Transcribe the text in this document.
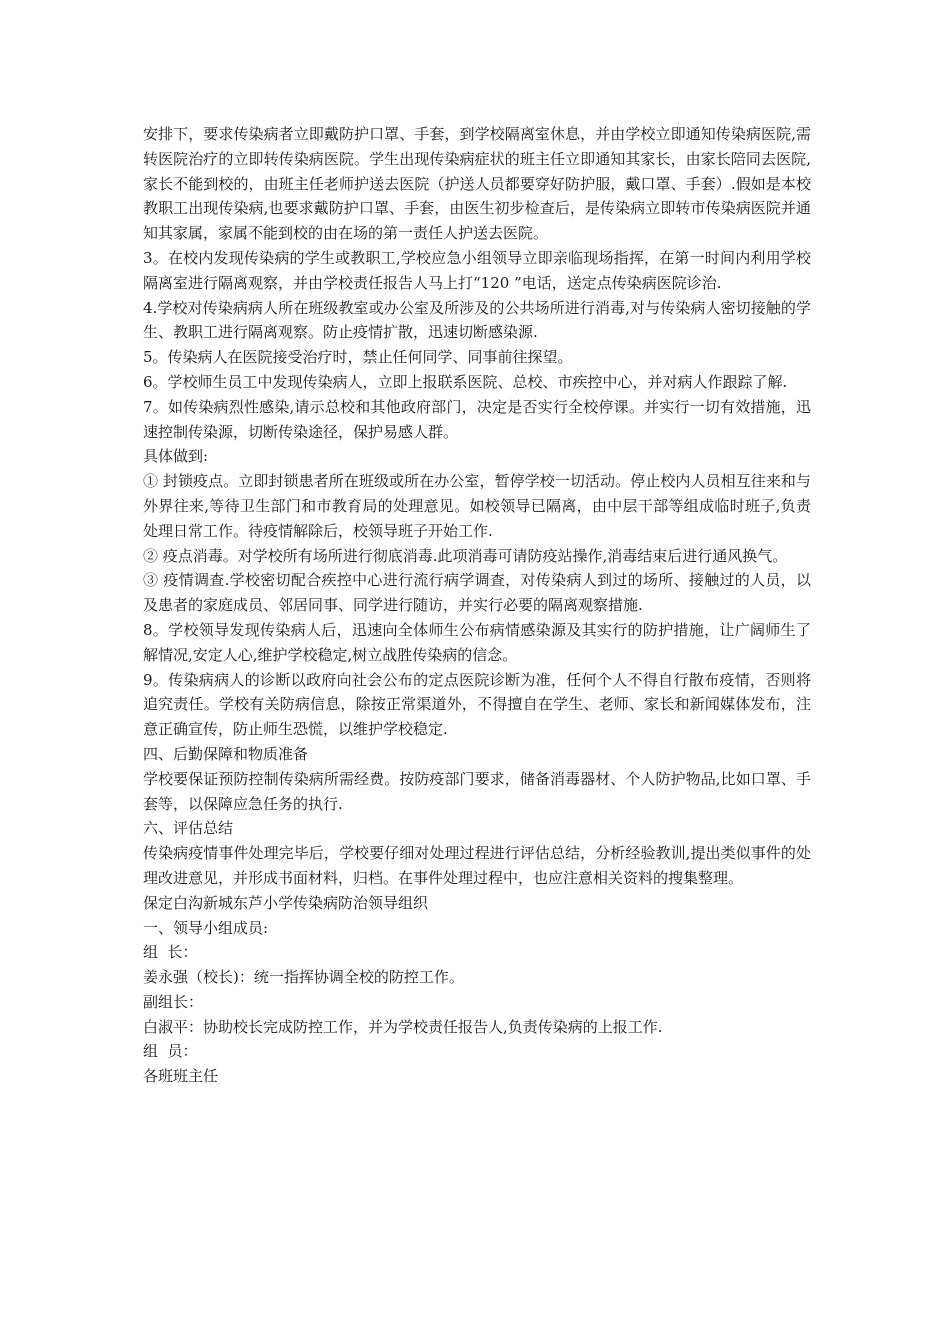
安排下，要求传染病者立即戴防护口罩、手套，到学校隔离室休息，并由学校立即通知传染病医院,需转医院治疗的立即转传染病医院。学生出现传染病症状的班主任立即通知其家长，由家长陪同去医院,家长不能到校的，由班主任老师护送去医院（护送人员都要穿好防护服，戴口罩、手套）.假如是本校教职工出现传染病,也要求戴防护口罩、手套，由医生初步检查后，是传染病立即转市传染病医院并通知其家属，家属不能到校的由在场的第一责任人护送去医院。

3。在校内发现传染病的学生或教职工,学校应急小组领导立即亲临现场指挥，在第一时间内利用学校隔离室进行隔离观察，并由学校责任报告人马上打“120 ”电话，送定点传染病医院诊治.

4.学校对传染病病人所在班级教室或办公室及所涉及的公共场所进行消毒,对与传染病人密切接触的学生、教职工进行隔离观察。防止疫情扩散，迅速切断感染源.

5。传染病人在医院接受治疗时，禁止任何同学、同事前往探望。

6。学校师生员工中发现传染病人，立即上报联系医院、总校、市疾控中心，并对病人作跟踪了解.

7。如传染病烈性感染,请示总校和其他政府部门，决定是否实行全校停课。并实行一切有效措施，迅速控制传染源，切断传染途径，保护易感人群。

具体做到:

① 封锁疫点。立即封锁患者所在班级或所在办公室，暂停学校一切活动。停止校内人员相互往来和与外界往来,等待卫生部门和市教育局的处理意见。如校领导已隔离，由中层干部等组成临时班子,负责处理日常工作。待疫情解除后，校领导班子开始工作.

② 疫点消毒。对学校所有场所进行彻底消毒.此项消毒可请防疫站操作,消毒结束后进行通风换气。

③ 疫情调查.学校密切配合疾控中心进行流行病学调查，对传染病人到过的场所、接触过的人员，以及患者的家庭成员、邻居同事、同学进行随访，并实行必要的隔离观察措施.

8。学校领导发现传染病人后，迅速向全体师生公布病情感染源及其实行的防护措施，让广阔师生了解情况,安定人心,维护学校稳定,树立战胜传染病的信念。

9。传染病病人的诊断以政府向社会公布的定点医院诊断为准，任何个人不得自行散布疫情，否则将追究责任。学校有关防病信息，除按正常渠道外，不得擅自在学生、老师、家长和新闻媒体发布，注意正确宣传，防止师生恐慌，以维护学校稳定.

四、后勤保障和物质准备

学校要保证预防控制传染病所需经费。按防疫部门要求，储备消毒器材、个人防护物品,比如口罩、手套等，以保障应急任务的执行.

六、评估总结

传染病疫情事件处理完毕后，学校要仔细对处理过程进行评估总结，分析经验教训,提出类似事件的处理改进意见，并形成书面材料，归档。在事件处理过程中，也应注意相关资料的搜集整理。

保定白沟新城东芦小学传染病防治领导组织

一、领导小组成员:

组  长：

姜永强（校长)：统一指挥协调全校的防控工作。

副组长：

白淑平：协助校长完成防控工作，并为学校责任报告人,负责传染病的上报工作.

组  员：

各班班主任
